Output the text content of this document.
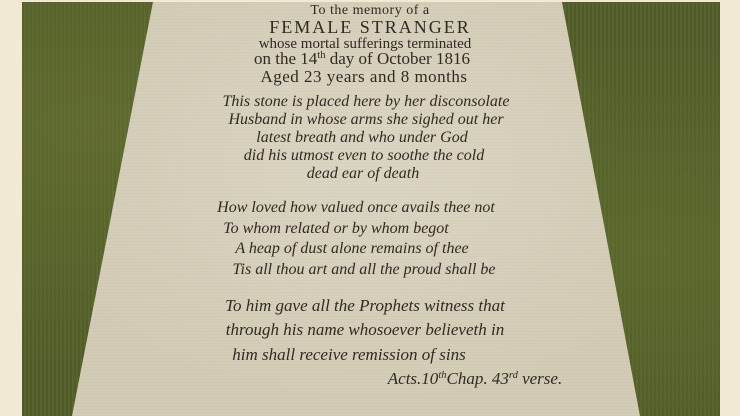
To the memory of a
FEMALE STRANGER
whose mortal sufferings terminated
on the 14th day of October 1816
Aged 23 years and 8 months
This stone is placed here by her disconsolate
Husband in whose arms she sighed out her
latest breath and who under God
did his utmost even to soothe the cold
dead ear of death
How loved how valued once avails thee not
To whom related or by whom begot
A heap of dust alone remains of thee
Tis all thou art and all the proud shall be
To him gave all the Prophets witness that
through his name whosoever believeth in
him shall receive remission of sins
Acts.10thChap. 43rd verse.
